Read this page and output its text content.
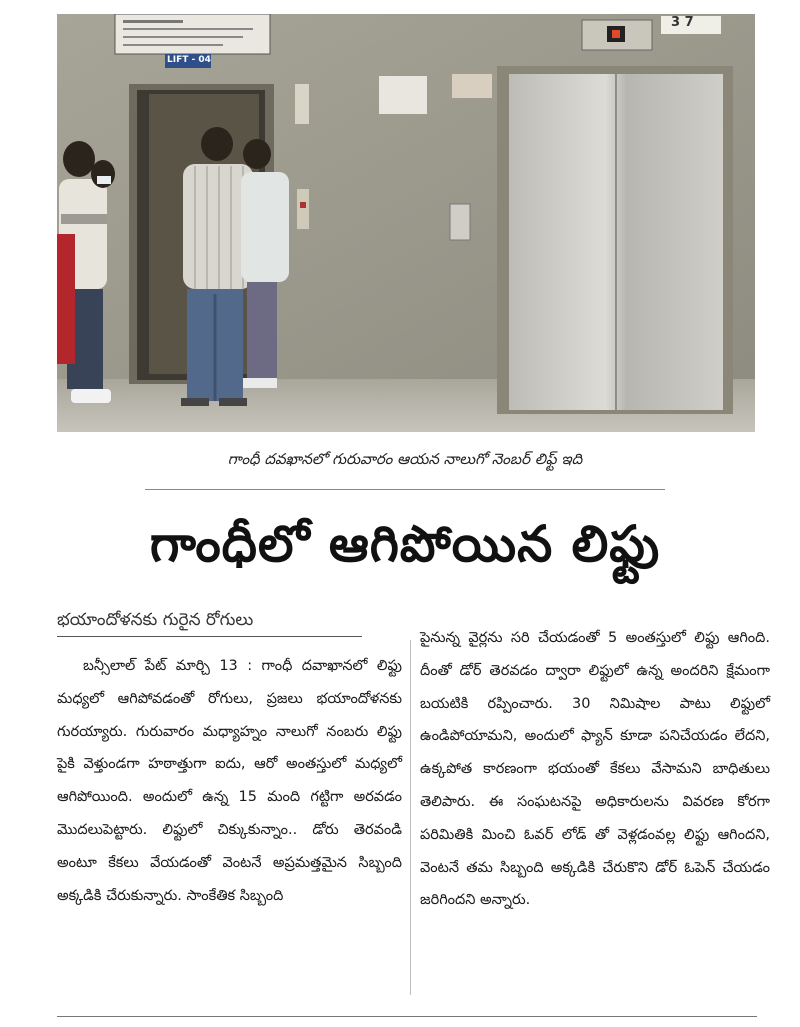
LIFT - 04
3 7
గాంధీ దవఖానలో గురువారం ఆయన నాలుగో నెంబర్ లిఫ్ట్ ఇది
గాంధీలో ఆగిపోయిన లిఫ్టు
భయాందోళనకు గురైన రోగులు
బన్సీలాల్ పేట్ మార్చి 13 : గాంధీ దవాఖానలో లిఫ్టు మధ్యలో ఆగిపోవడంతో రోగులు, ప్రజలు భయాందోళనకు గురయ్యారు. గురువారం మధ్యాహ్నం నాలుగో నంబరు లిఫ్టు పైకి వెళ్తుండగా హఠాత్తుగా ఐదు, ఆరో అంతస్తులో మధ్యలో ఆగిపోయింది. అందులో ఉన్న 15 మంది గట్టిగా అరవడం మొదలుపెట్టారు. లిఫ్టులో చిక్కుకున్నాం.. డోరు తెరవండి అంటూ కేకలు వేయడంతో వెంటనే అప్రమత్తమైన సిబ్బంది అక్కడికి చేరుకున్నారు. సాంకేతిక సిబ్బంది
పైనున్న వైర్లను సరి చేయడంతో 5 అంతస్తులో లిఫ్టు ఆగింది. దీంతో డోర్ తెరవడం ద్వారా లిఫ్టులో ఉన్న అందరిని క్షేమంగా బయటికి రప్పించారు. 30 నిమిషాల పాటు లిఫ్టులో ఉండిపోయామని, అందులో ఫ్యాన్ కూడా పనిచేయడం లేదని, ఉక్కపోత కారణంగా భయంతో కేకలు వేసామని బాధితులు తెలిపారు. ఈ సంఘటనపై అధికారులను వివరణ కోరగా పరిమితికి మించి ఓవర్ లోడ్ తో వెళ్లడంవల్ల లిఫ్టు ఆగిందని, వెంటనే తమ సిబ్బంది అక్కడికి చేరుకొని డోర్ ఓపెన్ చేయడం జరిగిందని అన్నారు.
